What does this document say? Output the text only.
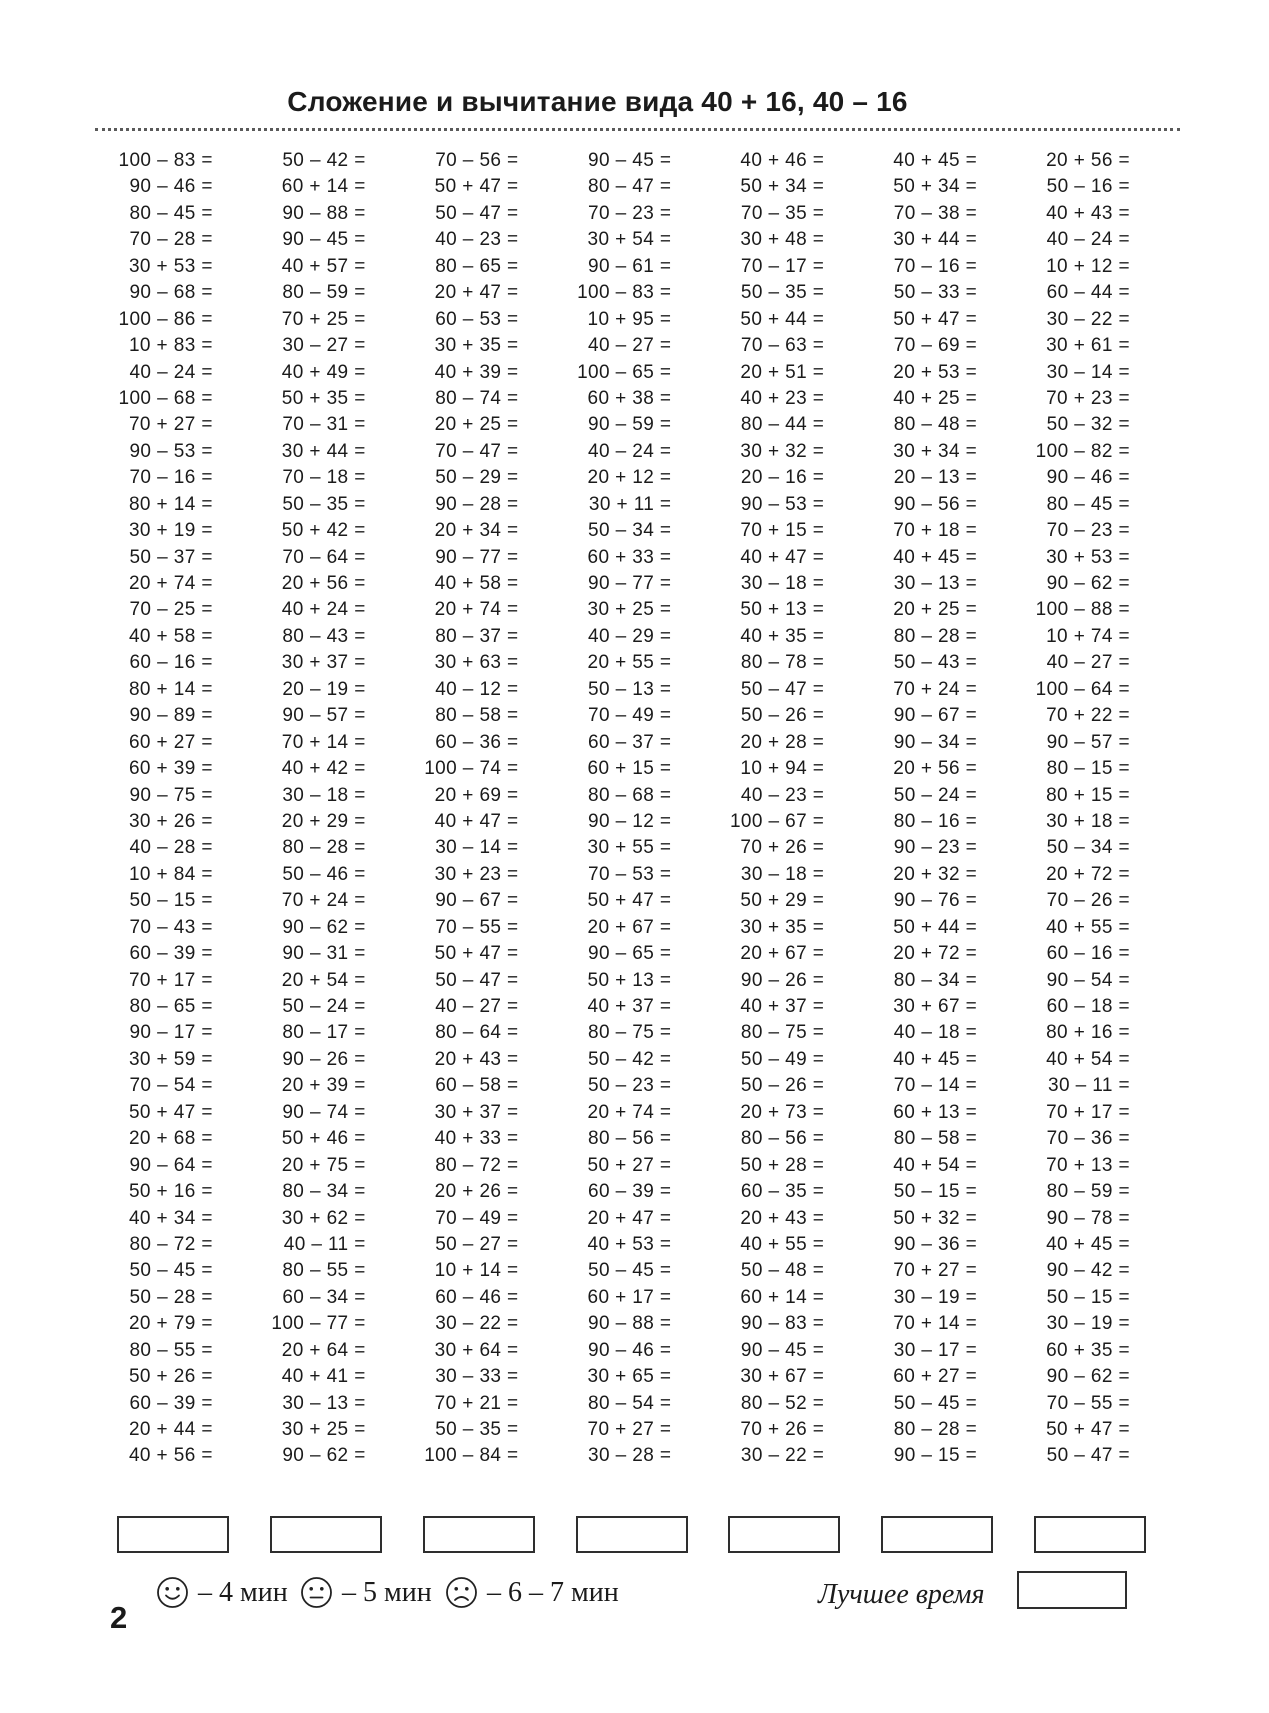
Сложение и вычитание вида 40 + 16, 40 – 16
100 – 83 =	50 – 42 =	70 – 56 =	90 – 45 =	40 + 46 =	40 + 45 =	20 + 56 =
90 – 46 =	60 + 14 =	50 + 47 =	80 – 47 =	50 + 34 =	50 + 34 =	50 – 16 =
80 – 45 =	90 – 88 =	50 – 47 =	70 – 23 =	70 – 35 =	70 – 38 =	40 + 43 =
70 – 28 =	90 – 45 =	40 – 23 =	30 + 54 =	30 + 48 =	30 + 44 =	40 – 24 =
30 + 53 =	40 + 57 =	80 – 65 =	90 – 61 =	70 – 17 =	70 – 16 =	10 + 12 =
90 – 68 =	80 – 59 =	20 + 47 =	100 – 83 =	50 – 35 =	50 – 33 =	60 – 44 =
100 – 86 =	70 + 25 =	60 – 53 =	10 + 95 =	50 + 44 =	50 + 47 =	30 – 22 =
10 + 83 =	30 – 27 =	30 + 35 =	40 – 27 =	70 – 63 =	70 – 69 =	30 + 61 =
40 – 24 =	40 + 49 =	40 + 39 =	100 – 65 =	20 + 51 =	20 + 53 =	30 – 14 =
100 – 68 =	50 + 35 =	80 – 74 =	60 + 38 =	40 + 23 =	40 + 25 =	70 + 23 =
70 + 27 =	70 – 31 =	20 + 25 =	90 – 59 =	80 – 44 =	80 – 48 =	50 – 32 =
90 – 53 =	30 + 44 =	70 – 47 =	40 – 24 =	30 + 32 =	30 + 34 =	100 – 82 =
70 – 16 =	70 – 18 =	50 – 29 =	20 + 12 =	20 – 16 =	20 – 13 =	90 – 46 =
80 + 14 =	50 – 35 =	90 – 28 =	30 + 11 =	90 – 53 =	90 – 56 =	80 – 45 =
30 + 19 =	50 + 42 =	20 + 34 =	50 – 34 =	70 + 15 =	70 + 18 =	70 – 23 =
50 – 37 =	70 – 64 =	90 – 77 =	60 + 33 =	40 + 47 =	40 + 45 =	30 + 53 =
20 + 74 =	20 + 56 =	40 + 58 =	90 – 77 =	30 – 18 =	30 – 13 =	90 – 62 =
70 – 25 =	40 + 24 =	20 + 74 =	30 + 25 =	50 + 13 =	20 + 25 =	100 – 88 =
40 + 58 =	80 – 43 =	80 – 37 =	40 – 29 =	40 + 35 =	80 – 28 =	10 + 74 =
60 – 16 =	30 + 37 =	30 + 63 =	20 + 55 =	80 – 78 =	50 – 43 =	40 – 27 =
80 + 14 =	20 – 19 =	40 – 12 =	50 – 13 =	50 – 47 =	70 + 24 =	100 – 64 =
90 – 89 =	90 – 57 =	80 – 58 =	70 – 49 =	50 – 26 =	90 – 67 =	70 + 22 =
60 + 27 =	70 + 14 =	60 – 36 =	60 – 37 =	20 + 28 =	90 – 34 =	90 – 57 =
60 + 39 =	40 + 42 =	100 – 74 =	60 + 15 =	10 + 94 =	20 + 56 =	80 – 15 =
90 – 75 =	30 – 18 =	20 + 69 =	80 – 68 =	40 – 23 =	50 – 24 =	80 + 15 =
30 + 26 =	20 + 29 =	40 + 47 =	90 – 12 =	100 – 67 =	80 – 16 =	30 + 18 =
40 – 28 =	80 – 28 =	30 – 14 =	30 + 55 =	70 + 26 =	90 – 23 =	50 – 34 =
10 + 84 =	50 – 46 =	30 + 23 =	70 – 53 =	30 – 18 =	20 + 32 =	20 + 72 =
50 – 15 =	70 + 24 =	90 – 67 =	50 + 47 =	50 + 29 =	90 – 76 =	70 – 26 =
70 – 43 =	90 – 62 =	70 – 55 =	20 + 67 =	30 + 35 =	50 + 44 =	40 + 55 =
60 – 39 =	90 – 31 =	50 + 47 =	90 – 65 =	20 + 67 =	20 + 72 =	60 – 16 =
70 + 17 =	20 + 54 =	50 – 47 =	50 + 13 =	90 – 26 =	80 – 34 =	90 – 54 =
80 – 65 =	50 – 24 =	40 – 27 =	40 + 37 =	40 + 37 =	30 + 67 =	60 – 18 =
90 – 17 =	80 – 17 =	80 – 64 =	80 – 75 =	80 – 75 =	40 – 18 =	80 + 16 =
30 + 59 =	90 – 26 =	20 + 43 =	50 – 42 =	50 – 49 =	40 + 45 =	40 + 54 =
70 – 54 =	20 + 39 =	60 – 58 =	50 – 23 =	50 – 26 =	70 – 14 =	30 – 11 =
50 + 47 =	90 – 74 =	30 + 37 =	20 + 74 =	20 + 73 =	60 + 13 =	70 + 17 =
20 + 68 =	50 + 46 =	40 + 33 =	80 – 56 =	80 – 56 =	80 – 58 =	70 – 36 =
90 – 64 =	20 + 75 =	80 – 72 =	50 + 27 =	50 + 28 =	40 + 54 =	70 + 13 =
50 + 16 =	80 – 34 =	20 + 26 =	60 – 39 =	60 – 35 =	50 – 15 =	80 – 59 =
40 + 34 =	30 + 62 =	70 – 49 =	20 + 47 =	20 + 43 =	50 + 32 =	90 – 78 =
80 – 72 =	40 – 11 =	50 – 27 =	40 + 53 =	40 + 55 =	90 – 36 =	40 + 45 =
50 – 45 =	80 – 55 =	10 + 14 =	50 – 45 =	50 – 48 =	70 + 27 =	90 – 42 =
50 – 28 =	60 – 34 =	60 – 46 =	60 + 17 =	60 + 14 =	30 – 19 =	50 – 15 =
20 + 79 =	100 – 77 =	30 – 22 =	90 – 88 =	90 – 83 =	70 + 14 =	30 – 19 =
80 – 55 =	20 + 64 =	30 + 64 =	90 – 46 =	90 – 45 =	30 – 17 =	60 + 35 =
50 + 26 =	40 + 41 =	30 – 33 =	30 + 65 =	30 + 67 =	60 + 27 =	90 – 62 =
60 – 39 =	30 – 13 =	70 + 21 =	80 – 54 =	80 – 52 =	50 – 45 =	70 – 55 =
20 + 44 =	30 + 25 =	50 – 35 =	70 + 27 =	70 + 26 =	80 – 28 =	50 + 47 =
40 + 56 =	90 – 62 =	100 – 84 =	30 – 28 =	30 – 22 =	90 – 15 =	50 – 47 =
– 4 мин – 5 мин – 6 – 7 мин	Лучшее время
2
